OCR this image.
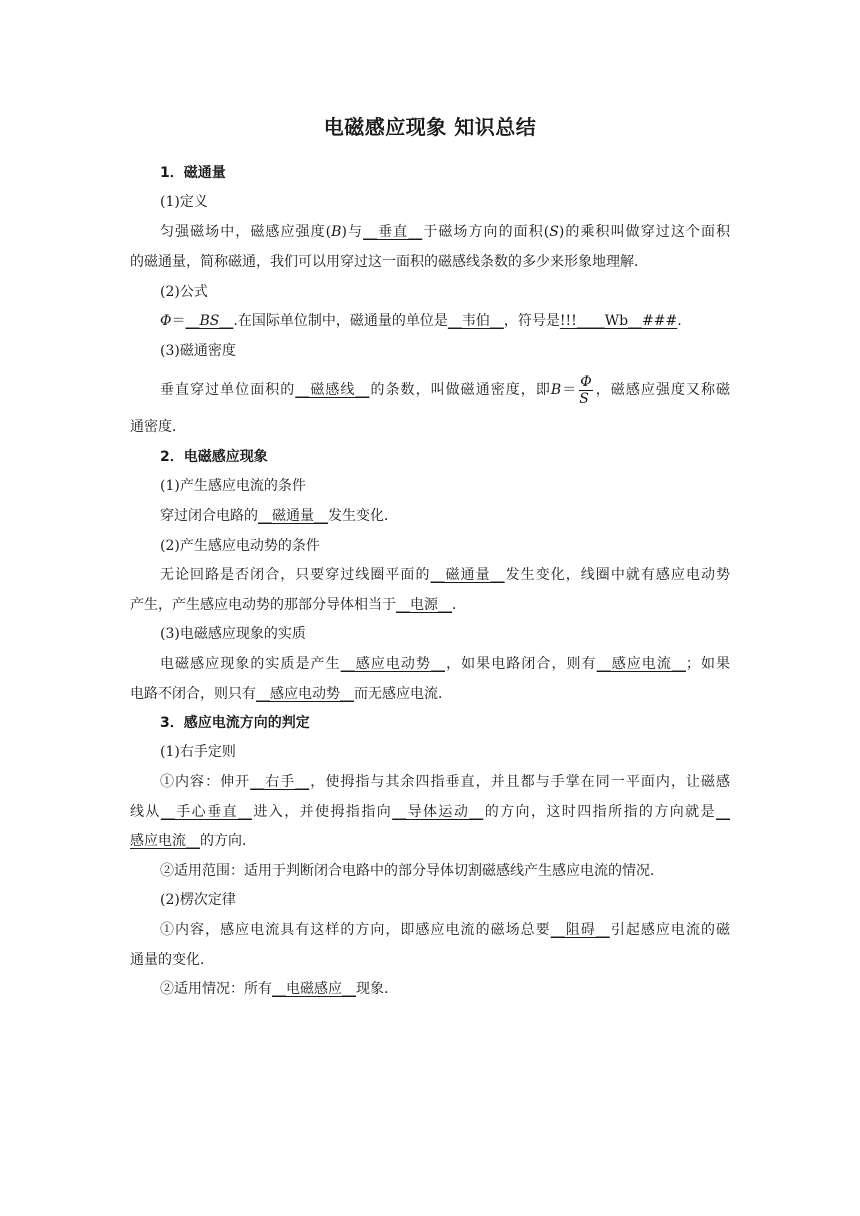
电磁感应现象 知识总结
1．磁通量
(1)定义
匀强磁场中，磁感应强度(B)与__垂直__于磁场方向的面积(S)的乘积叫做穿过这个面积
的磁通量，简称磁通，我们可以用穿过这一面积的磁感线条数的多少来形象地理解．
(2)公式
Φ＝__BS__.在国际单位制中，磁通量的单位是__韦伯__，符号是!!!____Wb__###.
(3)磁通密度
垂直穿过单位面积的__磁感线__的条数，叫做磁通密度，即$B= \frac{\Phi}{S}$ ，磁感应强度又称磁
通密度．
2．电磁感应现象
(1)产生感应电流的条件
穿过闭合电路的__磁通量__发生变化．
(2)产生感应电动势的条件
无论回路是否闭合，只要穿过线圈平面的__磁通量__发生变化，线圈中就有感应电动势
产生，产生感应电动势的那部分导体相当于__电源__．
(3)电磁感应现象的实质
电磁感应现象的实质是产生__感应电动势__，如果电路闭合，则有__感应电流__；如果
电路不闭合，则只有__感应电动势__而无感应电流．
3．感应电流方向的判定
(1)右手定则
①内容：伸开__右手__，使拇指与其余四指垂直，并且都与手掌在同一平面内，让磁感
线从__手心垂直__进入，并使拇指指向__导体运动__的方向，这时四指所指的方向就是__
感应电流__的方向．
②适用范围：适用于判断闭合电路中的部分导体切割磁感线产生感应电流的情况．
(2)楞次定律
①内容，感应电流具有这样的方向，即感应电流的磁场总要__阻碍__引起感应电流的磁
通量的变化．
②适用情况：所有__电磁感应__现象．
